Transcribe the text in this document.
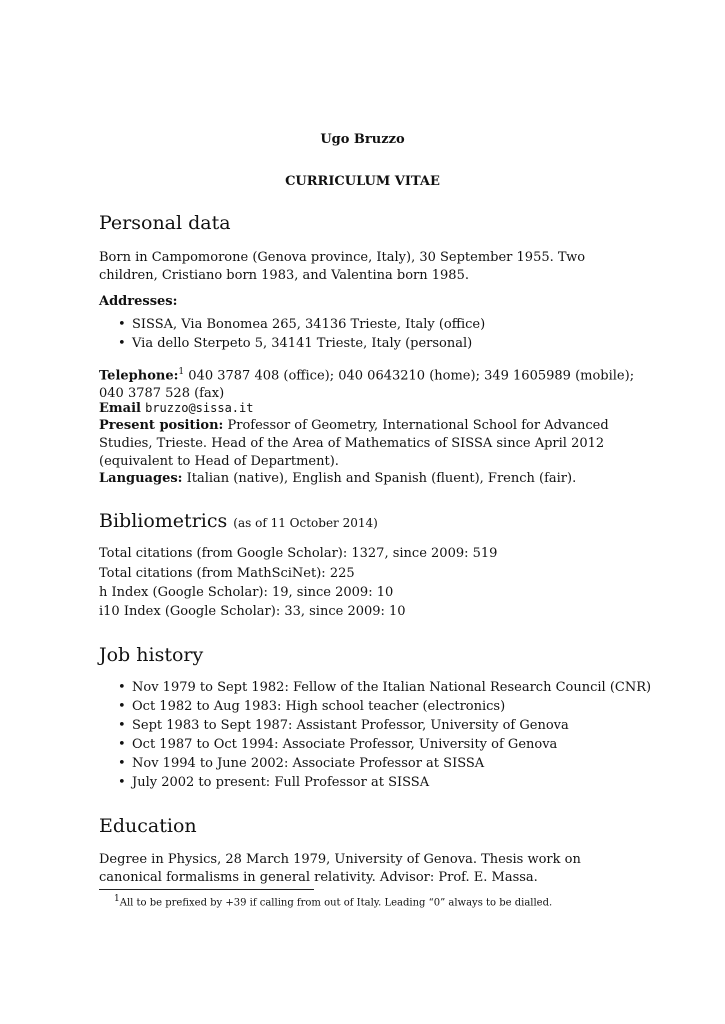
Ugo Bruzzo
CURRICULUM VITAE
Personal data
Born in Campomorone (Genova province, Italy), 30 September 1955. Two children, Cristiano born 1983, and Valentina born 1985.
Addresses:
• SISSA, Via Bonomea 265, 34136 Trieste, Italy (office)
• Via dello Sterpeto 5, 34141 Trieste, Italy (personal)
Telephone:$^1$ 040 3787 408 (office); 040 0643210 (home); 349 1605989 (mobile); 040 3787 528 (fax)
Email bruzzo@sissa.it
Present position: Professor of Geometry, International School for Advanced Studies, Trieste. Head of the Area of Mathematics of SISSA since April 2012 (equivalent to Head of Department).
Languages: Italian (native), English and Spanish (fluent), French (fair).
Bibliometrics (as of 11 October 2014)
Total citations (from Google Scholar): 1327, since 2009: 519
Total citations (from MathSciNet): 225
h Index (Google Scholar): 19, since 2009: 10
i10 Index (Google Scholar): 33, since 2009: 10
Job history
• Nov 1979 to Sept 1982: Fellow of the Italian National Research Council (CNR)
• Oct 1982 to Aug 1983: High school teacher (electronics)
• Sept 1983 to Sept 1987: Assistant Professor, University of Genova
• Oct 1987 to Oct 1994: Associate Professor, University of Genova
• Nov 1994 to June 2002: Associate Professor at SISSA
• July 2002 to present: Full Professor at SISSA
Education
Degree in Physics, 28 March 1979, University of Genova. Thesis work on canonical formalisms in general relativity. Advisor: Prof. E. Massa.
$^1$All to be prefixed by +39 if calling from out of Italy. Leading “0” always to be dialled.
